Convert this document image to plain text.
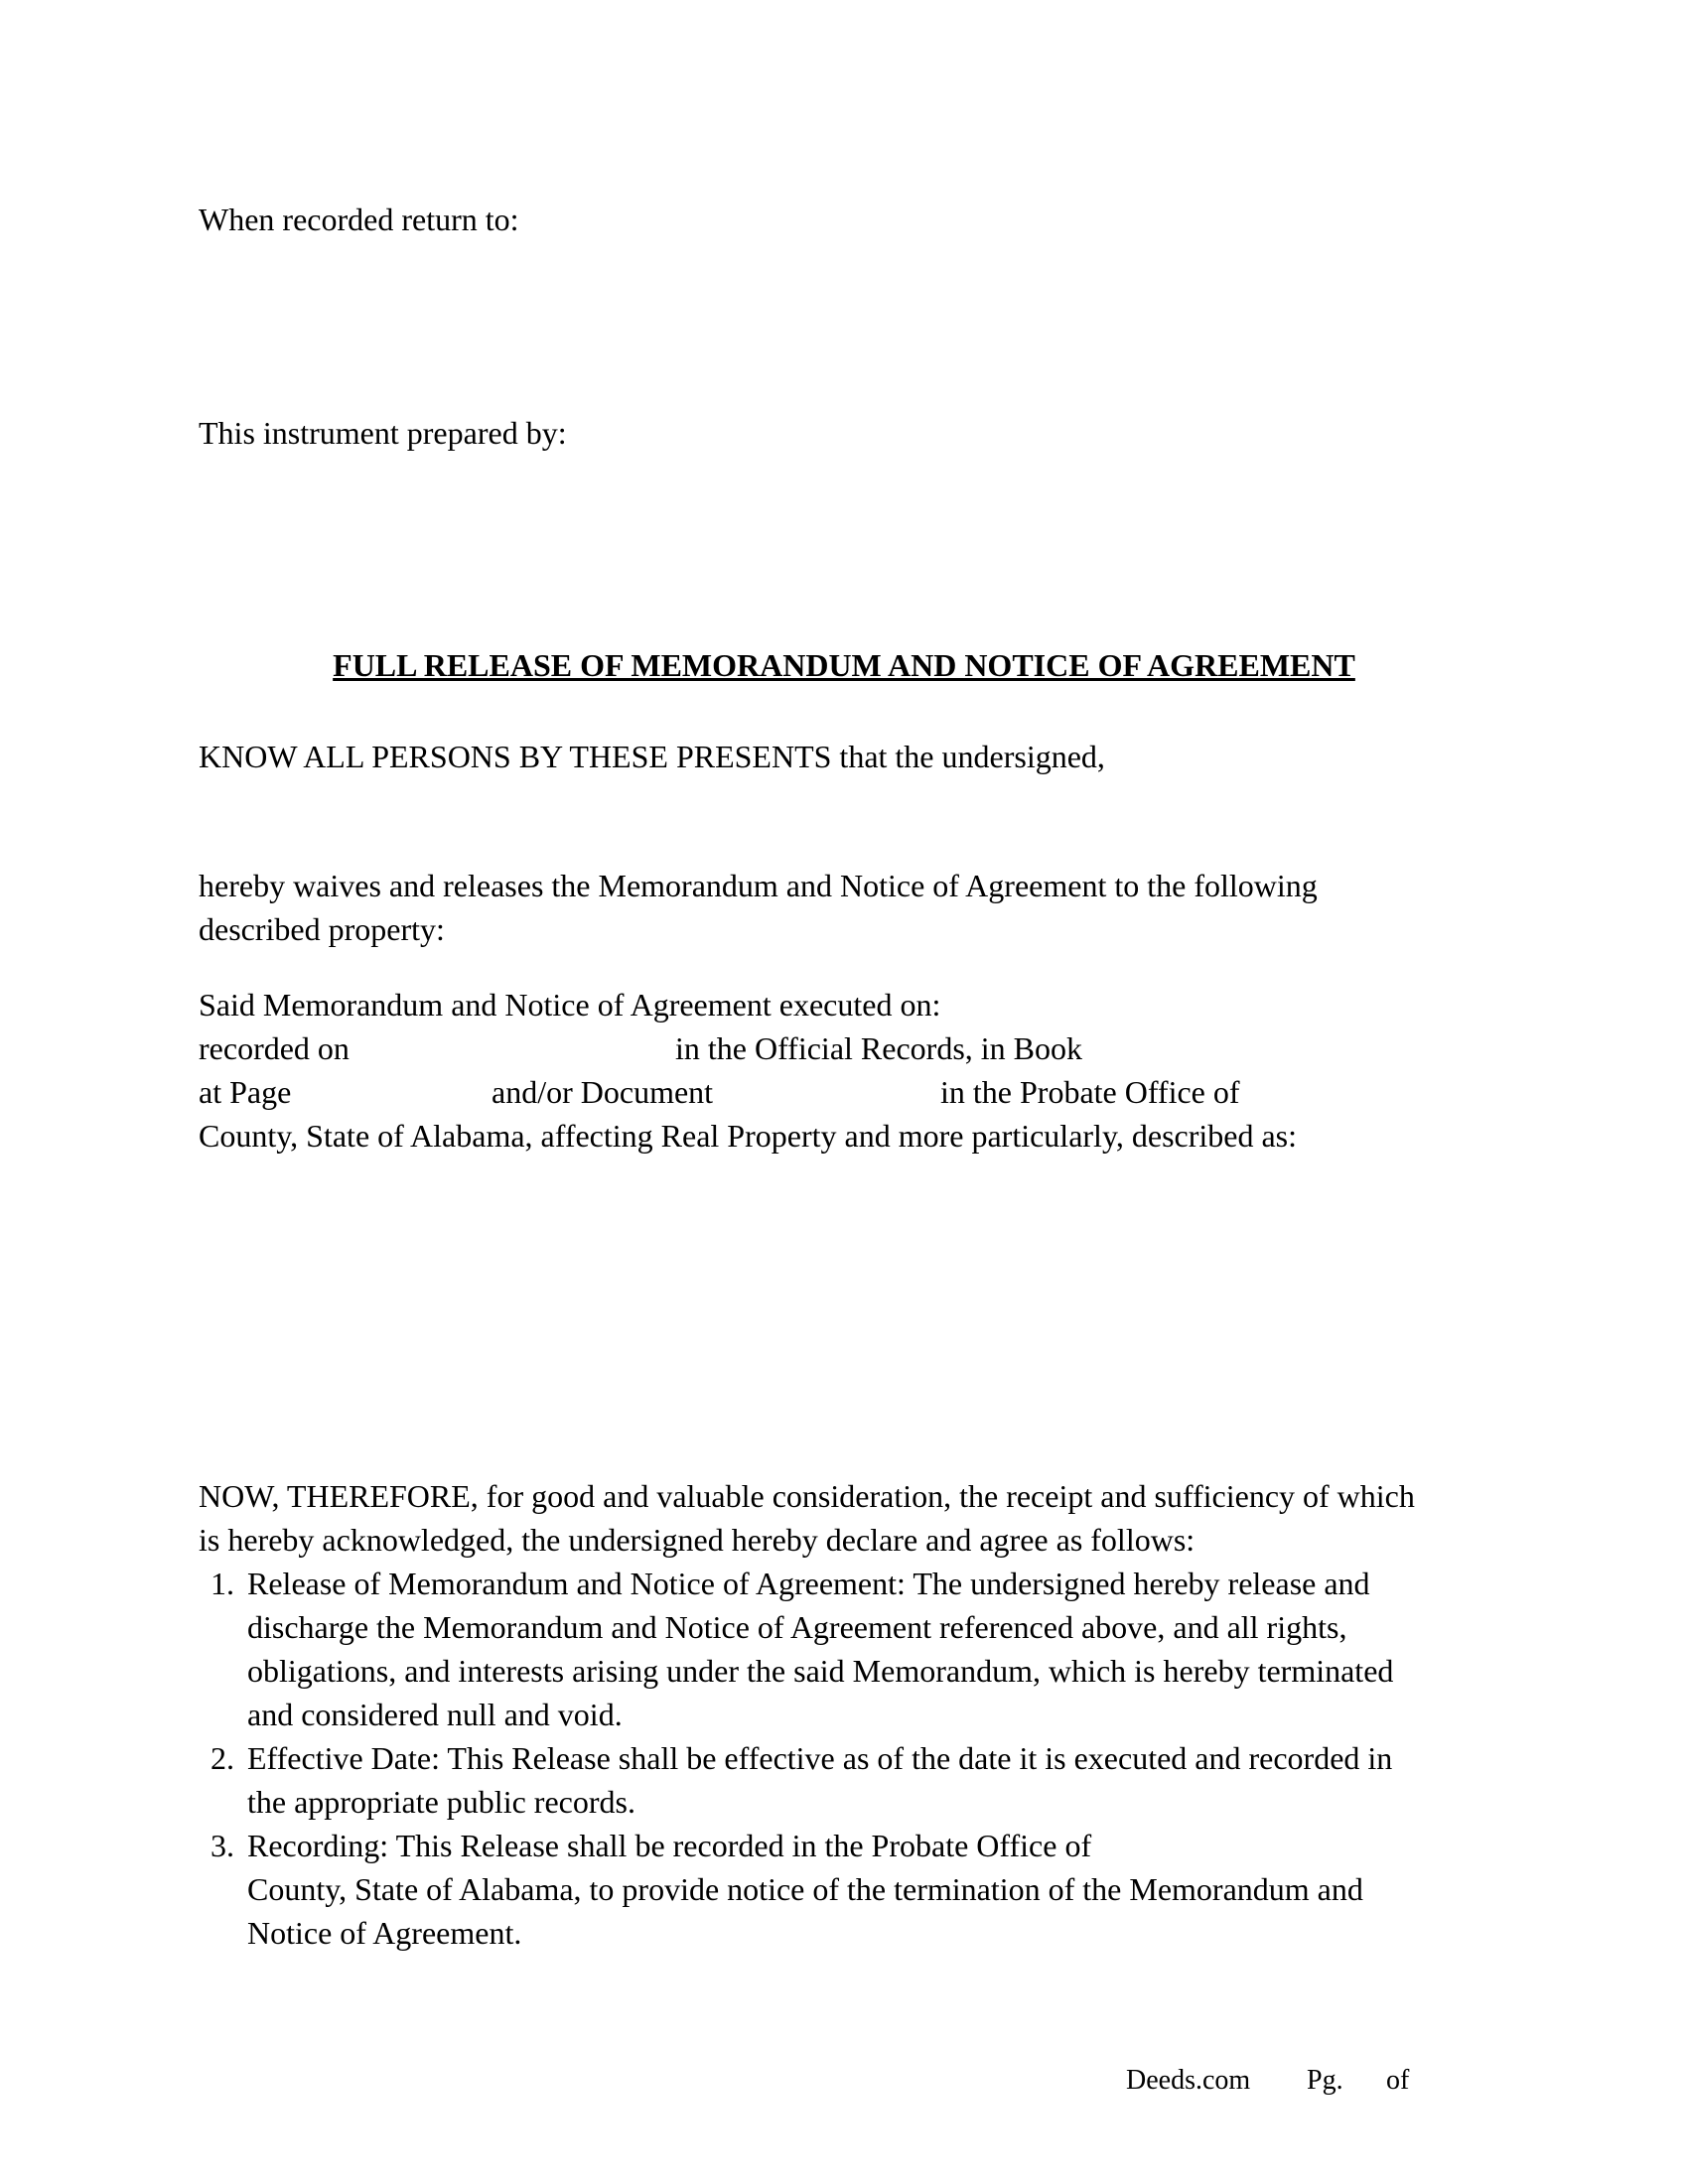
When recorded return to:
This instrument prepared by:
FULL RELEASE OF MEMORANDUM AND NOTICE OF AGREEMENT
KNOW ALL PERSONS BY THESE PRESENTS that the undersigned,
hereby waives and releases the Memorandum and Notice of Agreement to the following
described property:
Said Memorandum and Notice of Agreement executed on:
recorded on	in the Official Records, in Book
at Page	and/or Document	in the Probate Office of
County, State of Alabama, affecting Real Property and more particularly, described as:
NOW, THEREFORE, for good and valuable consideration, the receipt and sufficiency of which
is hereby acknowledged, the undersigned hereby declare and agree as follows:
1. Release of Memorandum and Notice of Agreement: The undersigned hereby release and
discharge the Memorandum and Notice of Agreement referenced above, and all rights,
obligations, and interests arising under the said Memorandum, which is hereby terminated
and considered null and void.
2. Effective Date: This Release shall be effective as of the date it is executed and recorded in
the appropriate public records.
3. Recording: This Release shall be recorded in the Probate Office of
County, State of Alabama, to provide notice of the termination of the Memorandum and
Notice of Agreement.
Deeds.com Pg. of
